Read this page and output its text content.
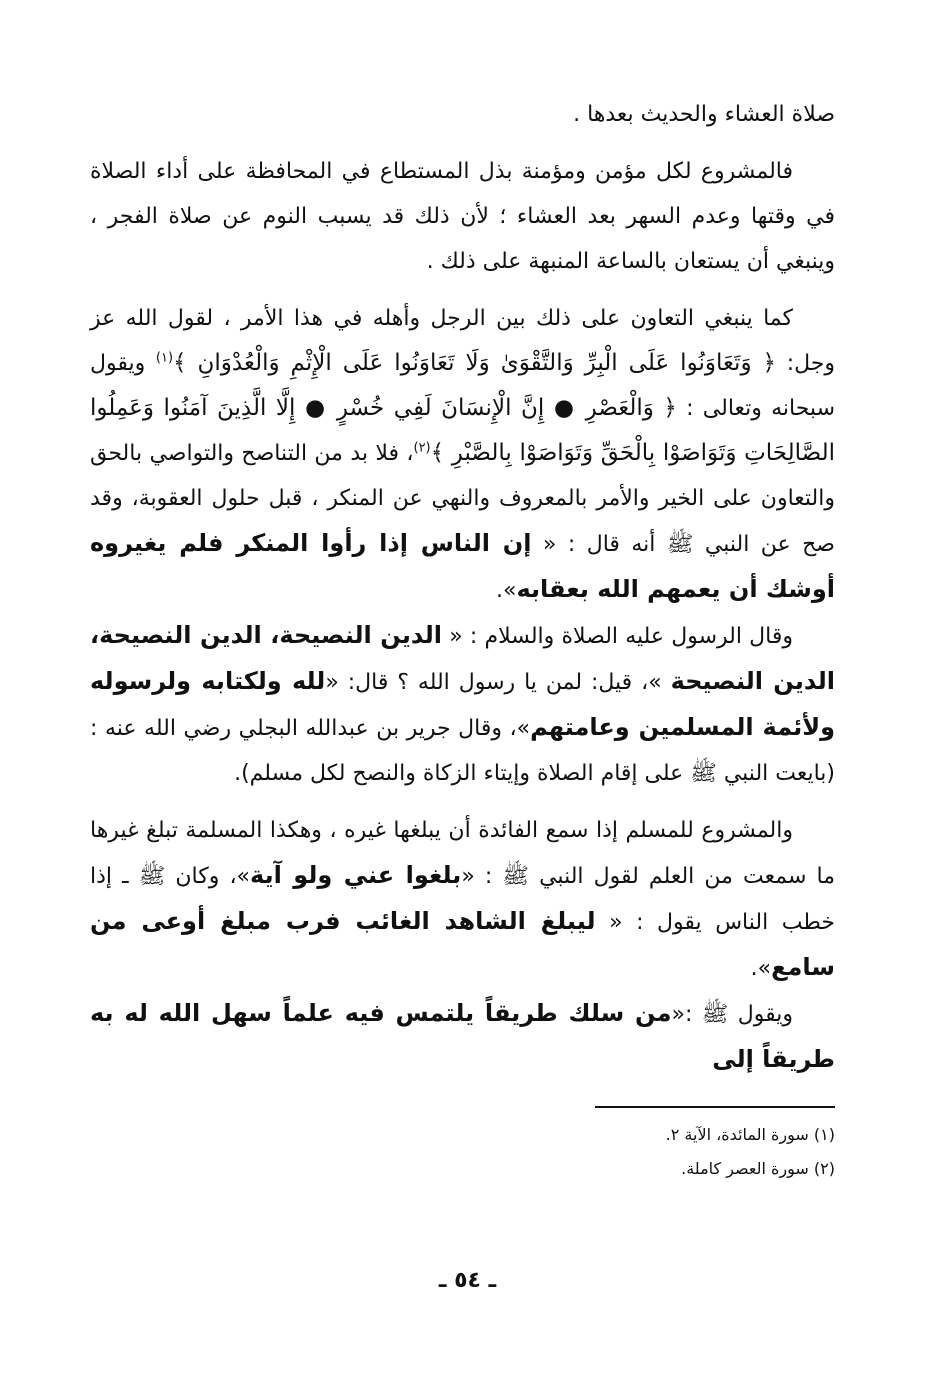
صلاة العشاء والحديث بعدها .

فالمشروع لكل مؤمن ومؤمنة بذل المستطاع في المحافظة على أداء الصلاة في وقتها وعدم السهر بعد العشاء ؛ لأن ذلك قد يسبب النوم عن صلاة الفجر ، وينبغي أن يستعان بالساعة المنبهة على ذلك .

كما ينبغي التعاون على ذلك بين الرجل وأهله في هذا الأمر ، لقول الله عز وجل: ﴿ وَتَعَاوَنُوا عَلَى الْبِرِّ وَالتَّقْوَىٰ وَلَا تَعَاوَنُوا عَلَى الْإِثْمِ وَالْعُدْوَانِ ﴾$^{(١)}$ ويقول سبحانه وتعالى : ﴿ وَالْعَصْرِ ● إِنَّ الْإِنسَانَ لَفِي خُسْرٍ ● إِلَّا الَّذِينَ آمَنُوا وَعَمِلُوا الصَّالِحَاتِ وَتَوَاصَوْا بِالْحَقِّ وَتَوَاصَوْا بِالصَّبْرِ ﴾$^{(٢)}$، فلا بد من التناصح والتواصي بالحق والتعاون على الخير والأمر بالمعروف والنهي عن المنكر ، قبل حلول العقوبة، وقد صح عن النبي ﷺ أنه قال : « إن الناس إذا رأوا المنكر فلم يغيروه أوشك أن يعمهم الله بعقابه».

وقال الرسول عليه الصلاة والسلام : « الدين النصيحة، الدين النصيحة، الدين النصيحة »، قيل: لمن يا رسول الله ؟ قال: «لله ولكتابه ولرسوله ولأئمة المسلمين وعامتهم»، وقال جرير بن عبدالله البجلي رضي الله عنه : (بايعت النبي ﷺ على إقام الصلاة وإيتاء الزكاة والنصح لكل مسلم).

والمشروع للمسلم إذا سمع الفائدة أن يبلغها غيره ، وهكذا المسلمة تبلغ غيرها ما سمعت من العلم لقول النبي ﷺ : «بلغوا عني ولو آية»، وكان ﷺ ـ إذا خطب الناس يقول : « ليبلغ الشاهد الغائب فرب مبلغ أوعى من سامع».

ويقول ﷺ :«من سلك طريقاً يلتمس فيه علماً سهل الله له به طريقاً إلى

(١) سورة المائدة، الآية ٢.
(٢) سورة العصر كاملة.
ـ ٥٤ ـ
